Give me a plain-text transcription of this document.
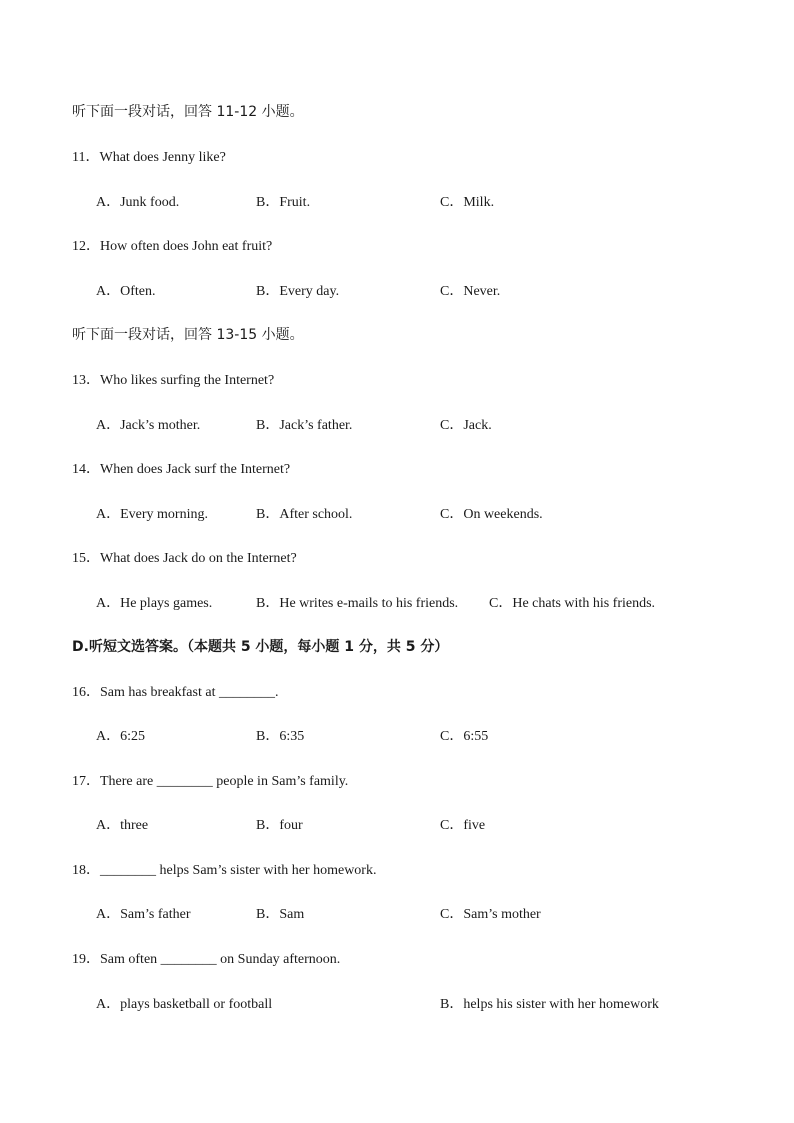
听下面一段对话，回答 11-12 小题。
11．What does Jenny like?
A．Junk food.	B．Fruit.	C．Milk.
12．How often does John eat fruit?
A．Often.	B．Every day.	C．Never.
听下面一段对话，回答 13-15 小题。
13．Who likes surfing the Internet?
A．Jack’s mother.	B．Jack’s father.	C．Jack.
14．When does Jack surf the Internet?
A．Every morning.	B．After school.	C．On weekends.
15．What does Jack do on the Internet?
A．He plays games.	B．He writes e-mails to his friends. C．He chats with his friends.
D.听短文选答案。（本题共 5 小题，每小题 1 分，共 5 分）
16．Sam has breakfast at ________.
A．6:25	B．6:35	C．6:55
17．There are ________ people in Sam’s family.
A．three	B．four	C．five
18．________ helps Sam’s sister with her homework.
A．Sam’s father	B．Sam	C．Sam’s mother
19．Sam often ________ on Sunday afternoon.
A．plays basketball or football	B．helps his sister with her homework
